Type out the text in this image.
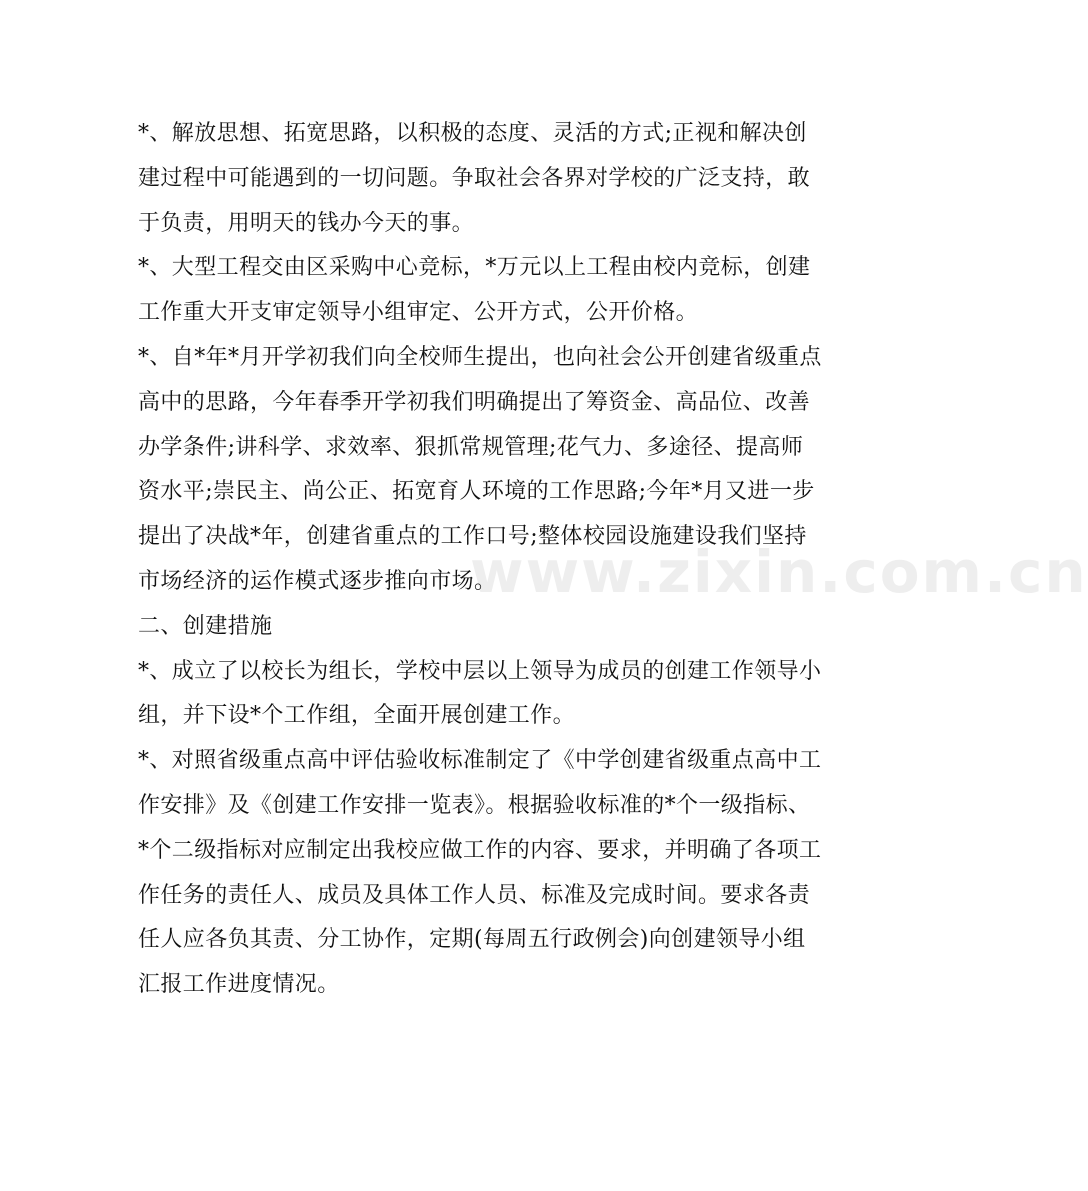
www.zixin.com.cn
*、解放思想、拓宽思路，以积极的态度、灵活的方式;正视和解决创
建过程中可能遇到的一切问题。争取社会各界对学校的广泛支持，敢
于负责，用明天的钱办今天的事。
*、大型工程交由区采购中心竞标，*万元以上工程由校内竞标，创建
工作重大开支审定领导小组审定、公开方式，公开价格。
*、自*年*月开学初我们向全校师生提出，也向社会公开创建省级重点
高中的思路，今年春季开学初我们明确提出了筹资金、高品位、改善
办学条件;讲科学、求效率、狠抓常规管理;花气力、多途径、提高师
资水平;崇民主、尚公正、拓宽育人环境的工作思路;今年*月又进一步
提出了决战*年，创建省重点的工作口号;整体校园设施建设我们坚持
市场经济的运作模式逐步推向市场。
二、创建措施
*、成立了以校长为组长，学校中层以上领导为成员的创建工作领导小
组，并下设*个工作组，全面开展创建工作。
*、对照省级重点高中评估验收标准制定了《中学创建省级重点高中工
作安排》及《创建工作安排一览表》。根据验收标准的*个一级指标、
*个二级指标对应制定出我校应做工作的内容、要求，并明确了各项工
作任务的责任人、成员及具体工作人员、标准及完成时间。要求各责
任人应各负其责、分工协作，定期(每周五行政例会)向创建领导小组
汇报工作进度情况。
